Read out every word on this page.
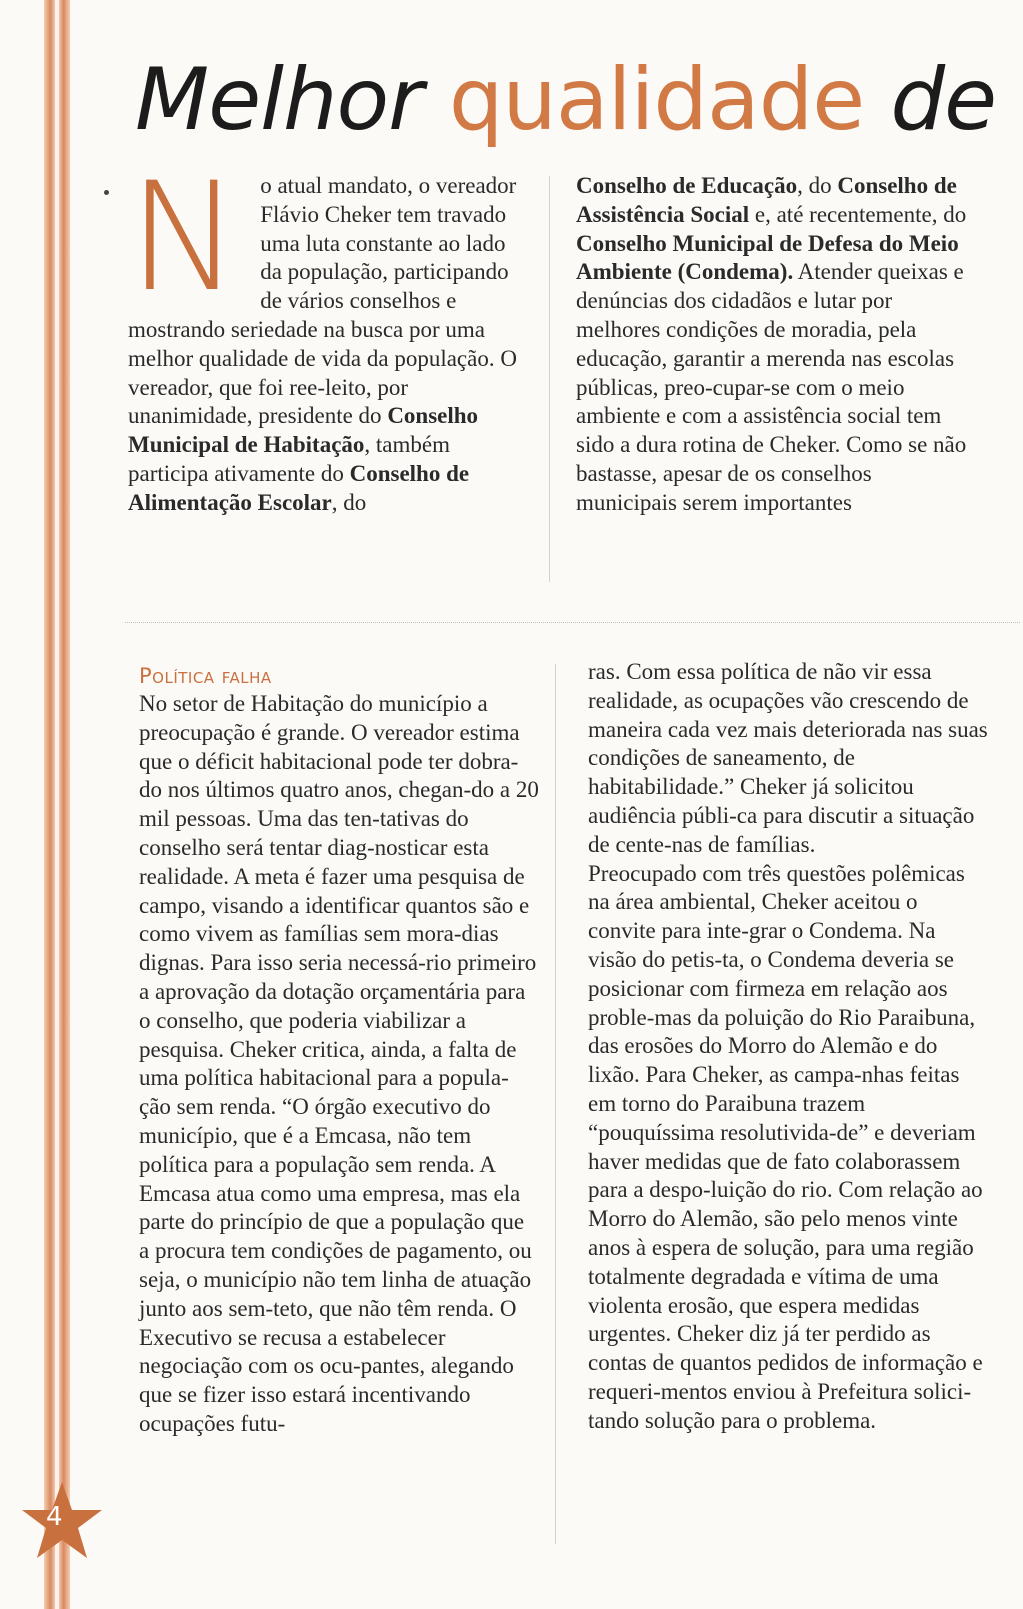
Melhor qualidade de
N o atual mandato, o vereador Flávio Cheker tem travado uma luta constante ao lado da população, participando de vários conselhos e mostrando seriedade na busca por uma melhor qualidade de vida da população. O vereador, que foi ree-leito, por unanimidade, presidente do Conselho Municipal de Habitação, também participa ativamente do Conselho de Alimentação Escolar, do

Conselho de Educação, do Conselho de Assistência Social e, até recentemente, do Conselho Municipal de Defesa do Meio Ambiente (Condema). Atender queixas e denúncias dos cidadãos e lutar por melhores condições de moradia, pela educação, garantir a merenda nas escolas públicas, preo-cupar-se com o meio ambiente e com a assistência social tem sido a dura rotina de Cheker. Como se não bastasse, apesar de os conselhos municipais serem importantes

Política falha

No setor de Habitação do município a preocupação é grande. O vereador estima que o déficit habitacional pode ter dobra-do nos últimos quatro anos, chegan-do a 20 mil pessoas. Uma das ten-tativas do conselho será tentar diag-nosticar esta realidade. A meta é fazer uma pesquisa de campo, visando a identificar quantos são e como vivem as famílias sem mora-dias dignas. Para isso seria necessá-rio primeiro a aprovação da dotação orçamentária para o conselho, que poderia viabilizar a pesquisa. Cheker critica, ainda, a falta de uma política habitacional para a popula-ção sem renda. “O órgão executivo do município, que é a Emcasa, não tem política para a população sem renda. A Emcasa atua como uma empresa, mas ela parte do princípio de que a população que a procura tem condições de pagamento, ou seja, o município não tem linha de atuação junto aos sem-teto, que não têm renda. O Executivo se recusa a estabelecer negociação com os ocu-pantes, alegando que se fizer isso estará incentivando ocupações futu-

ras. Com essa política de não vir essa realidade, as ocupações vão crescendo de maneira cada vez mais deteriorada nas suas condições de saneamento, de habitabilidade.” Cheker já solicitou audiência públi-ca para discutir a situação de cente-nas de famílias.

Preocupado com três questões polêmicas na área ambiental, Cheker aceitou o convite para inte-grar o Condema. Na visão do petis-ta, o Condema deveria se posicionar com firmeza em relação aos proble-mas da poluição do Rio Paraibuna, das erosões do Morro do Alemão e do lixão. Para Cheker, as campa-nhas feitas em torno do Paraibuna trazem “pouquíssima resolutivida-de” e deveriam haver medidas que de fato colaborassem para a despo-luição do rio. Com relação ao Morro do Alemão, são pelo menos vinte anos à espera de solução, para uma região totalmente degradada e vítima de uma violenta erosão, que espera medidas urgentes. Cheker diz já ter perdido as contas de quantos pedidos de informação e requeri-mentos enviou à Prefeitura solici-tando solução para o problema.

4
